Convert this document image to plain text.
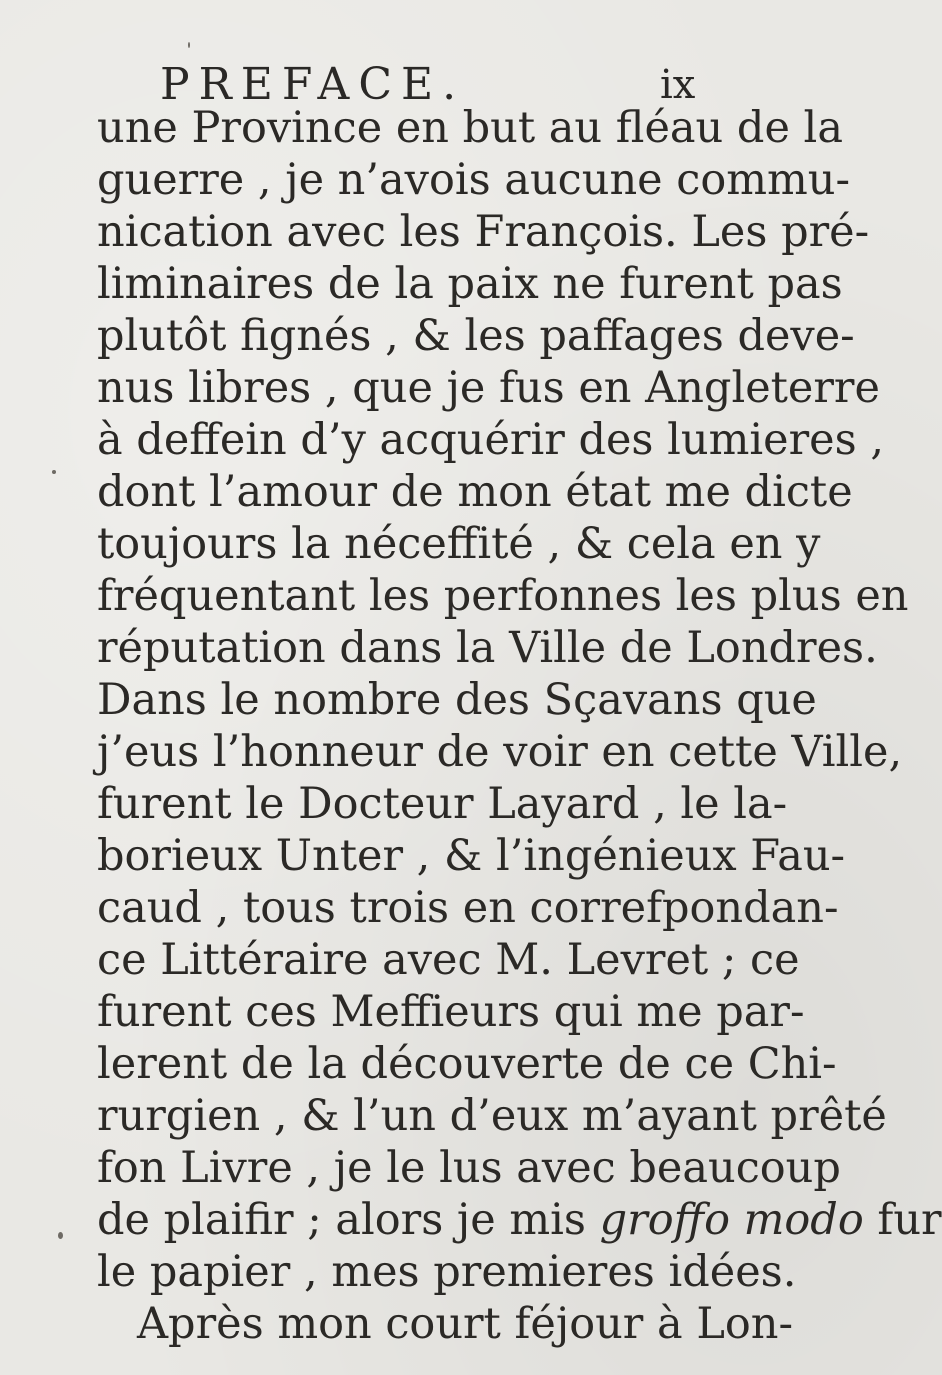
PREFACE.	ix
une Province en but au fléau de la
guerre , je n’avois aucune commu-
nication avec les François. Les pré-
liminaires de la paix ne furent pas
plutôt fignés , & les paffages deve-
nus libres , que je fus en Angleterre
à deffein d’y acquérir des lumieres ,
dont l’amour de mon état me dicte
toujours la néceffité , & cela en y
fréquentant les perfonnes les plus en
réputation dans la Ville de Londres.
Dans le nombre des Sçavans que
j’eus l’honneur de voir en cette Ville,
furent le Docteur Layard , le la-
borieux Unter , & l’ingénieux Fau-
caud , tous trois en correfpondan-
ce Littéraire avec M. Levret ; ce
furent ces Meffieurs qui me par-
lerent de la découverte de ce Chi-
rurgien , & l’un d’eux m’ayant prêté
fon Livre , je le lus avec beaucoup
de plaifir ; alors je mis groffo modo fur
le papier , mes premieres idées.
Après mon court féjour à Lon-
